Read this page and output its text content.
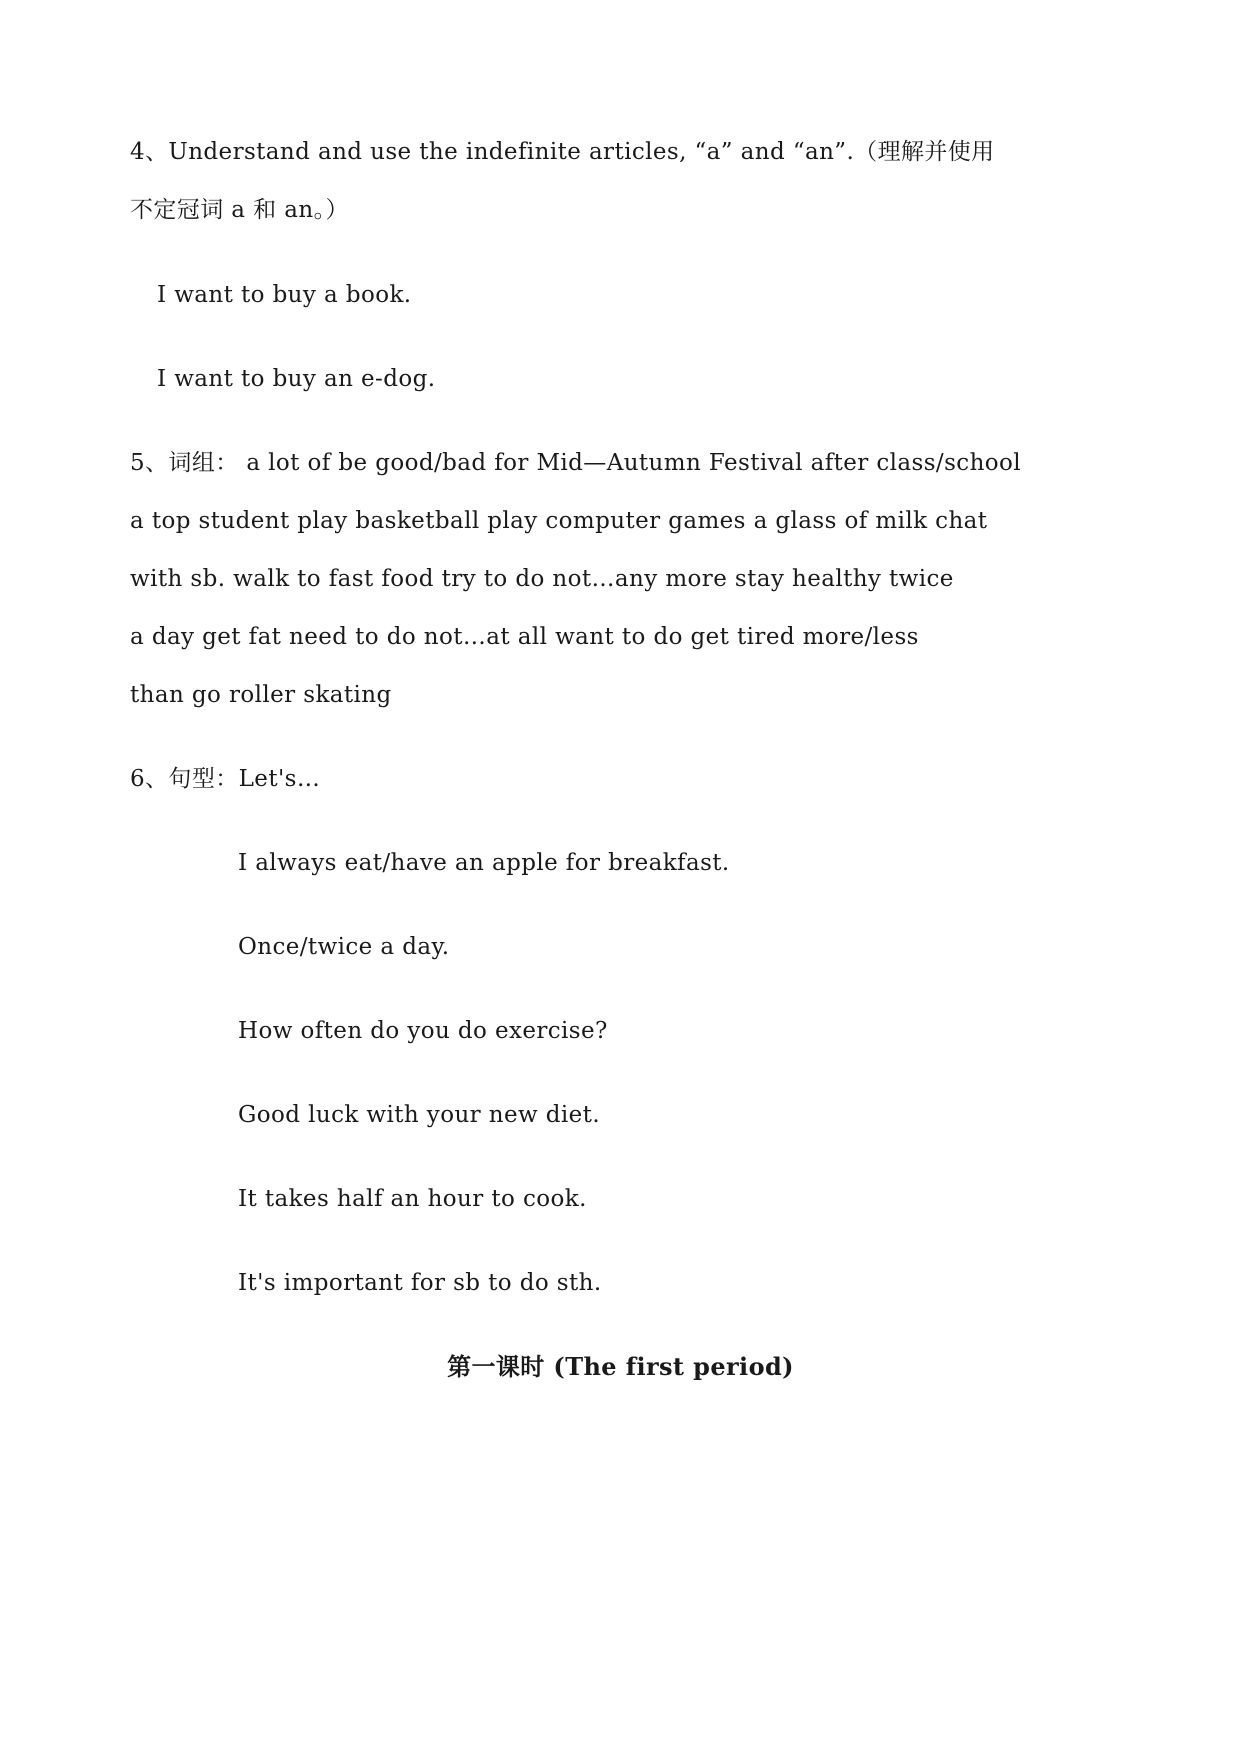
4、Understand and use the indefinite articles, “a” and “an”.（理解并使用
不定冠词 a 和 an。）
I want to buy a book.
I want to buy an e-dog.
5、词组： a lot of be good/bad for Mid—Autumn Festival after class/school
a top student play basketball play computer games a glass of milk chat
with sb. walk to fast food try to do not…any more stay healthy twice
a day get fat need to do not…at all want to do get tired more/less
than go roller skating
6、句型：Let's…
I always eat/have an apple for breakfast.
Once/twice a day.
How often do you do exercise?
Good luck with your new diet.
It takes half an hour to cook.
It's important for sb to do sth.
第一课时 (The first period)
